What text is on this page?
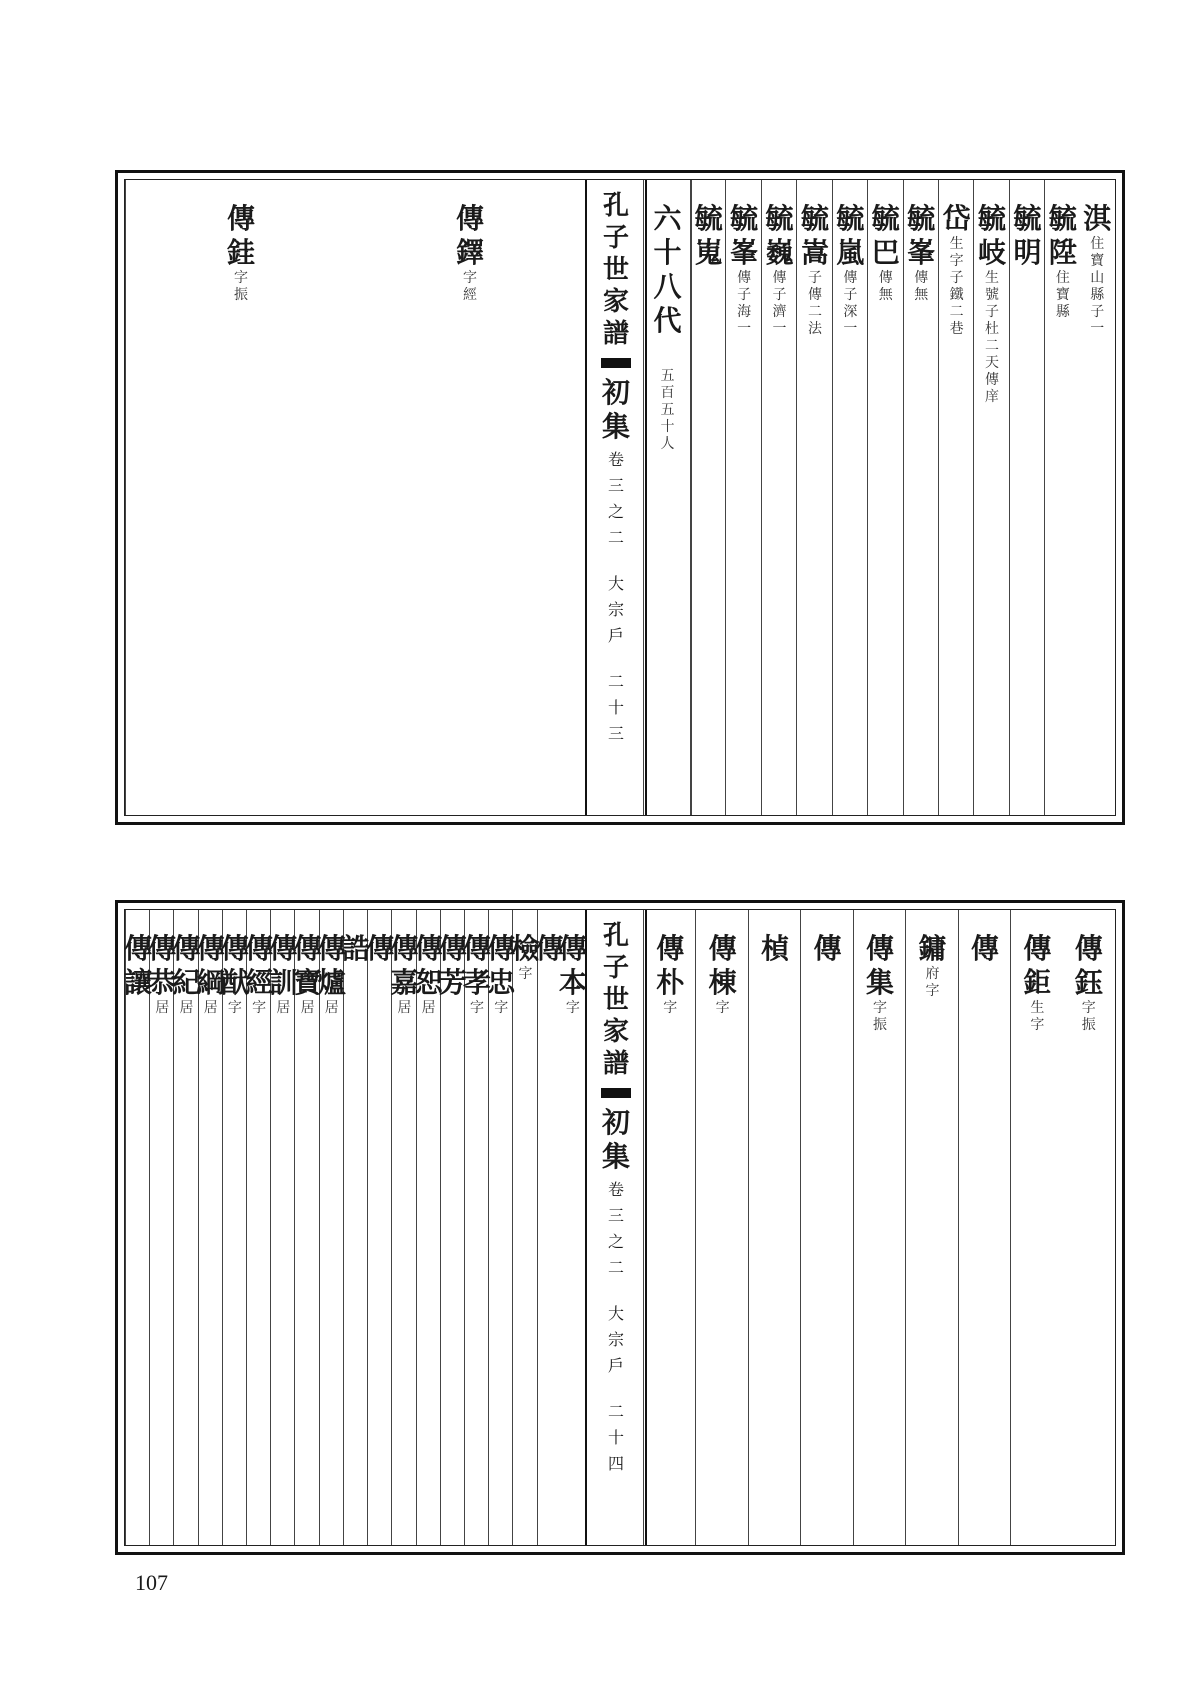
淇
住
寶
山
縣
子
一
毓
陞
住
寶
縣
毓
明
毓
岐
生
號
子
杜
二
天
傳
庠
岱
生
字
子
鐵
二
巷
毓
峯
傳
無
毓
巴
傳
無
毓
嵐
傳
子
深
一
毓
嵩
子
傳
二
法
毓
巍
傳
子
濟
一
毓
峯
傳
子
海
一
毓
嵬
孔
子
世
家
譜
初
集
卷
三
之
二
大
宗
戶
二
十
三
六
十
八
代
五
百
五
十
人
傳
鐸
字
經
傳
銈
字
振
傳
鈺
字
振
傳
鉅
生
字
傳
鏞
府
字
傳
集
字
振
傳
楨
傳
棟
字
傳
朴
字
孔
子
世
家
譜
初
集
卷
三
之
二
大
宗
戶
二
十
四
傳
本
字
傳
檢
字
傳
忠
字
傳
孝
字
傳
芳
傳
恕
居
傳
嘉
居
傳
誥
傳
爐
居
傳
寶
居
傳
訓
居
傳
經
字
傳
猷
字
傳
綱
居
傳
紀
居
傳
恭
居
傳
讓
107
